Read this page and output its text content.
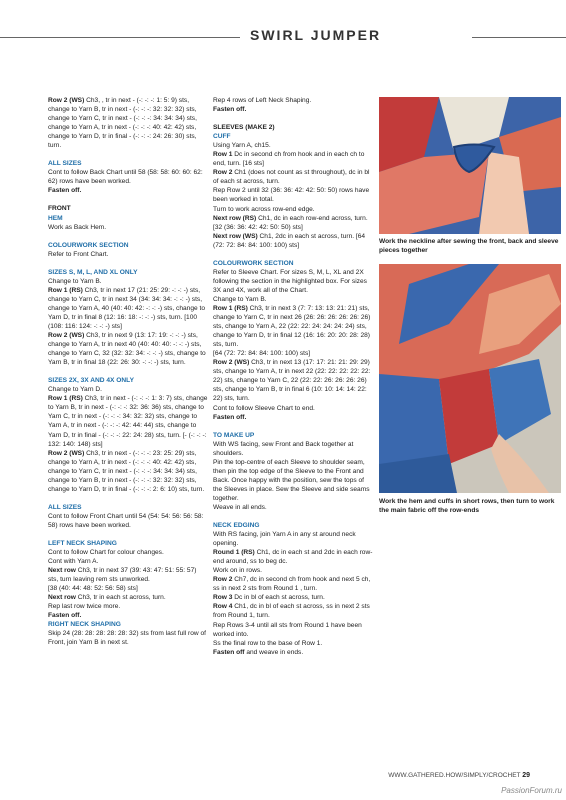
SWIRL JUMPER

Row 2 (WS) Ch3, , tr in next - (-: -: -: 1: 5: 9) sts, change to Yarn B, tr in next - (-: -: -: 32: 32: 32) sts, change to Yarn C, tr in next - (-: -: -: 34: 34: 34) sts, change to Yarn A, tr in next - (-: -: -: 40: 42: 42) sts, change to Yarn D, tr in final - (-: -: -: 24: 26: 30) sts, turn.

ALL SIZES

Cont to follow Back Chart until 58 (58: 58: 60: 60: 62: 62) rows have been worked.

Fasten off.

FRONT

HEM

Work as Back Hem.

COLOURWORK SECTION

Refer to Front Chart.

SIZES S, M, L, AND XL ONLY

Change to Yarn B.

Row 1 (RS) Ch3, tr in next 17 (21: 25: 29: -: -: -) sts, change to Yarn C, tr in next 34 (34: 34: 34: -: -: -) sts, change to Yarn A, 40 (40: 40: 42: -: -: -) sts, change to Yarn D, tr in final 8 (12: 16: 18: -: -: -) sts, turn. [100 (108: 116: 124: -: -: -) sts]

Row 2 (WS) Ch3, tr in next 9 (13: 17: 19: -: -: -) sts, change to Yarn A, tr in next 40 (40: 40: 40: -: -: -) sts, change to Yarn C, 32 (32: 32: 34: -: -: -) sts, change to Yarn B, tr in final 18 (22: 26: 30: -: -: -) sts, turn.

SIZES 2X, 3X AND 4X ONLY

Change to Yarn D.

Row 1 (RS) Ch3, tr in next - (-: -: -: 1: 3: 7) sts, change to Yarn B, tr in next - (-: -: -: 32: 36: 36) sts, change to Yarn C, tr in next - (-: -: -: 34: 32: 32) sts, change to Yarn A, tr in next - (-: -: -: 42: 44: 44) sts, change to Yarn D, tr in final - (-: -: -: 22: 24: 28) sts, turn. [- (-: -: -: 132: 140: 148) sts]

Row 2 (WS) Ch3, tr in next - (-: -: -: 23: 25: 29) sts, change to Yarn A, tr in next - (-: -: -: 40: 42: 42) sts, change to Yarn C, tr in next - (-: -: -: 34: 34: 34) sts, change to Yarn B, tr in next - (-: -: -: 32: 32: 32) sts, change to Yarn D, tr in final - (-: -: -: 2: 6: 10) sts, turn.

ALL SIZES

Cont to follow Front Chart until 54 (54: 54: 56: 56: 58: 58) rows have been worked.

LEFT NECK SHAPING

Cont to follow Chart for colour changes.

Cont with Yarn A.

Next row Ch3, tr in next 37 (39: 43: 47: 51: 55: 57) sts, turn leaving rem sts unworked.

[38 (40: 44: 48: 52: 56: 58) sts]

Next row Ch3, tr in each st across, turn.

Rep last row twice more.

Fasten off.

RIGHT NECK SHAPING

Skip 24 (28: 28: 28: 28: 28: 32) sts from last full row of Front, join Yarn B in next st.

Rep 4 rows of Left Neck Shaping.

Fasten off.

SLEEVES (MAKE 2)

CUFF

Using Yarn A, ch15.

Row 1 Dc in second ch from hook and in each ch to end, turn. [16 sts]

Row 2 Ch1 (does not count as st throughout), dc in bl of each st across, turn.

Rep Row 2 until 32 (36: 36: 42: 42: 50: 50) rows have been worked in total.

Turn to work across row-end edge.

Next row (RS) Ch1, dc in each row-end across, turn. [32 (36: 36: 42: 42: 50: 50) sts]

Next row (WS) Ch1, 2dc in each st across, turn. [64 (72: 72: 84: 84: 100: 100) sts]

COLOURWORK SECTION

Refer to Sleeve Chart. For sizes S, M, L, XL and 2X following the section in the highlighted box. For sizes 3X and 4X, work all of the Chart.

Change to Yarn B.

Row 1 (RS) Ch3, tr in next 3 (7: 7: 13: 13: 21: 21) sts, change to Yarn C, tr in next 26 (26: 26: 26: 26: 26: 26) sts, change to Yarn A, 22 (22: 22: 24: 24: 24: 24) sts, change to Yarn D, tr in final 12 (16: 16: 20: 20: 28: 28) sts, turn.

[64 (72: 72: 84: 84: 100: 100) sts]

Row 2 (WS) Ch3, tr in next 13 (17: 17: 21: 21: 29: 29) sts, change to Yarn A, tr in next 22 (22: 22: 22: 22: 22: 22) sts, change to Yarn C, 22 (22: 22: 26: 26: 26: 26) sts, change to Yarn B, tr in final 6 (10: 10: 14: 14: 22: 22) sts, turn.

Cont to follow Sleeve Chart to end.

Fasten off.

TO MAKE UP

With WS facing, sew Front and Back together at shoulders.

Pin the top-centre of each Sleeve to shoulder seam, then pin the top edge of the Sleeve to the Front and Back. Once happy with the position, sew the tops of the Sleeves in place. Sew the Sleeve and side seams together.

Weave in all ends.

NECK EDGING

With RS facing, join Yarn A in any st around neck opening.

Round 1 (RS) Ch1, dc in each st and 2dc in each row-end around, ss to beg dc.

Work on in rows.

Row 2 Ch7, dc in second ch from hook and next 5 ch, ss in next 2 sts from Round 1 , turn.

Row 3 Dc in bl of each st across, turn.

Row 4 Ch1, dc in bl of each st across, ss in next 2 sts from Round 1, turn.

Rep Rows 3-4 until all sts from Round 1 have been worked into.

Ss the final row to the base of Row 1.

Fasten off and weave in ends.

Work the neckline after sewing the front, back and sleeve pieces together
Work the hem and cuffs in short rows, then turn to work the main fabric off the row-ends
WWW.GATHERED.HOW/SIMPLY/CROCHET 29
PassionForum.ru
